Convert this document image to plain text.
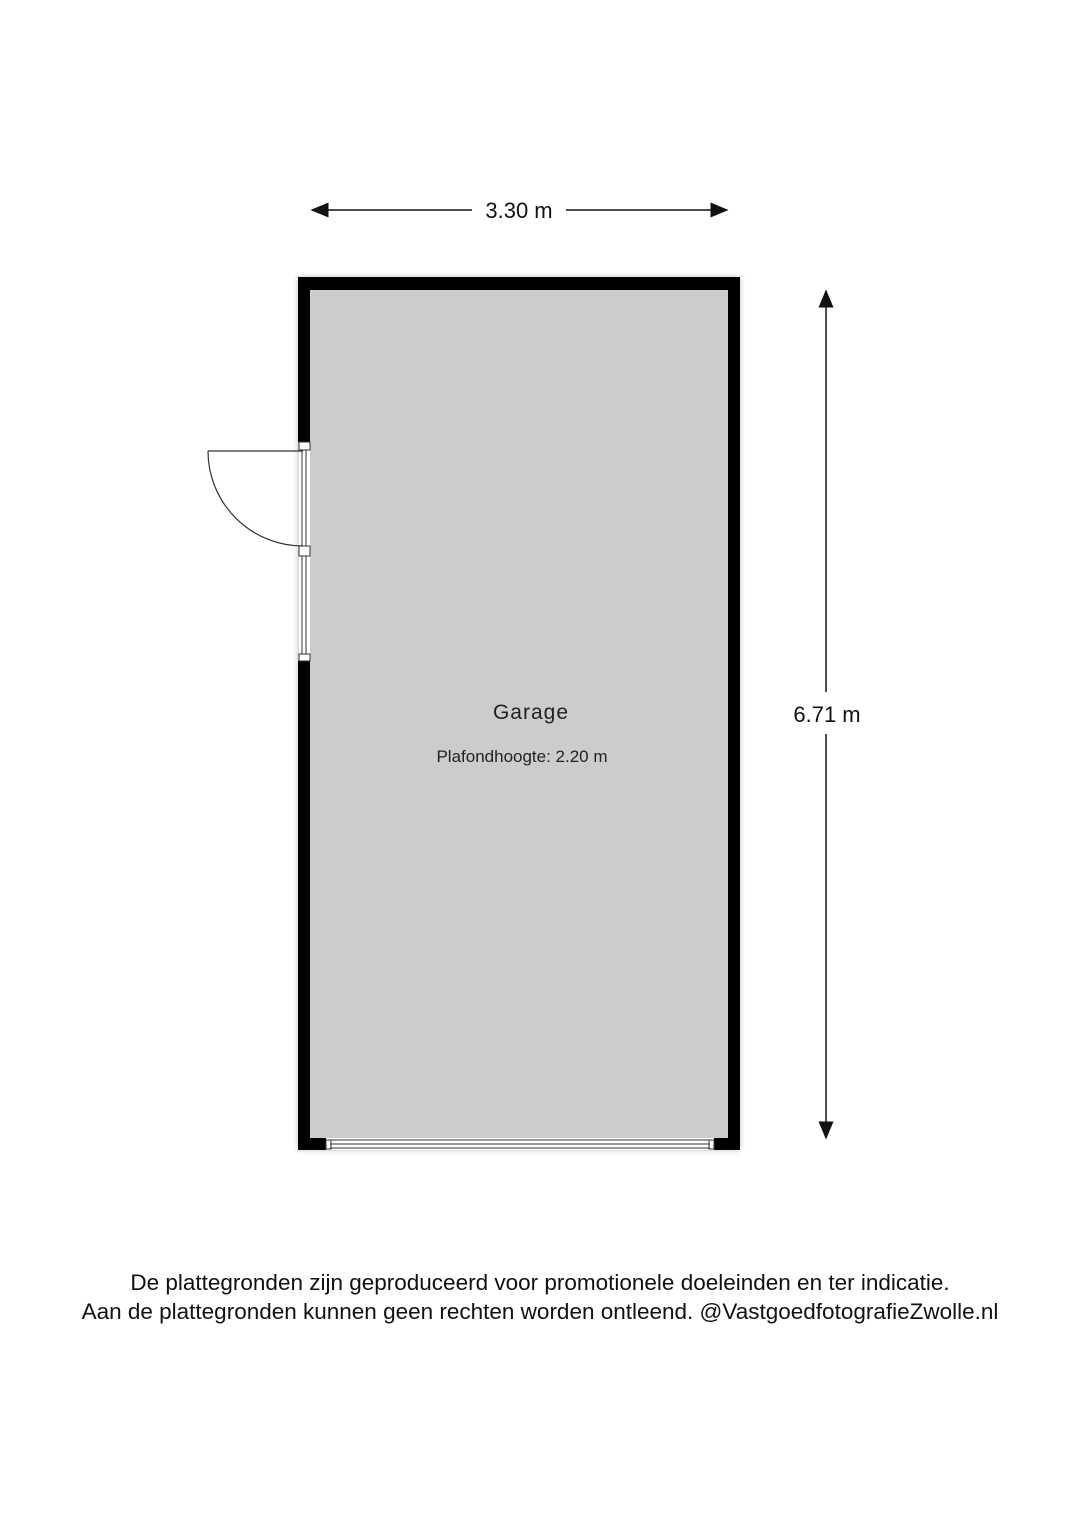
3.30 m
6.71 m
Garage
Plafondhoogte: 2.20 m
De plattegronden zijn geproduceerd voor promotionele doeleinden en ter indicatie.
Aan de plattegronden kunnen geen rechten worden ontleend. @VastgoedfotografieZwolle.nl
